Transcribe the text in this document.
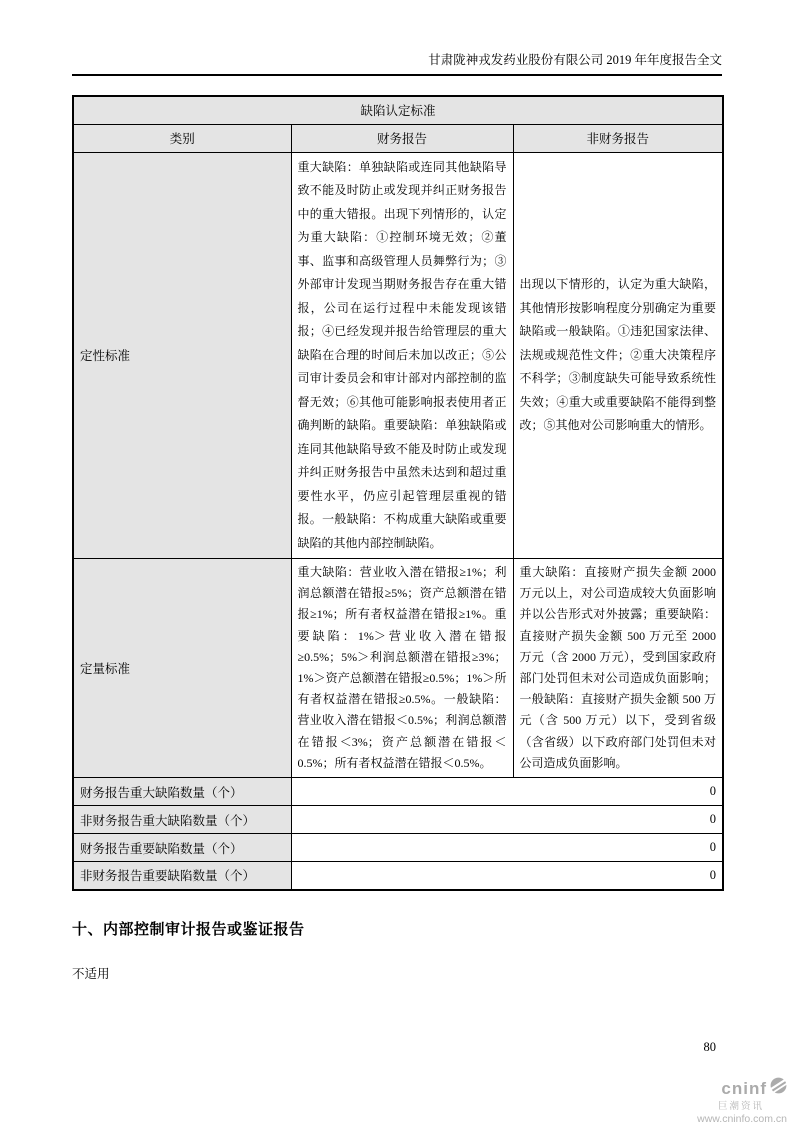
甘肃陇神戎发药业股份有限公司 2019 年年度报告全文
缺陷认定标准		
类别	财务报告	非财务报告
定性标准	重大缺陷：单独缺陷或连同其他缺陷导致不能及时防止或发现并纠正财务报告中的重大错报。出现下列情形的，认定为重大缺陷：①控制环境无效；②董事、监事和高级管理人员舞弊行为；③外部审计发现当期财务报告存在重大错报，公司在运行过程中未能发现该错报；④已经发现并报告给管理层的重大缺陷在合理的时间后未加以改正；⑤公司审计委员会和审计部对内部控制的监督无效；⑥其他可能影响报表使用者正确判断的缺陷。重要缺陷：单独缺陷或连同其他缺陷导致不能及时防止或发现并纠正财务报告中虽然未达到和超过重要性水平，仍应引起管理层重视的错报。一般缺陷：不构成重大缺陷或重要缺陷的其他内部控制缺陷。	出现以下情形的，认定为重大缺陷，其他情形按影响程度分别确定为重要缺陷或一般缺陷。①违犯国家法律、法规或规范性文件；②重大决策程序不科学；③制度缺失可能导致系统性失效；④重大或重要缺陷不能得到整改；⑤其他对公司影响重大的情形。
定量标准	重大缺陷：营业收入潜在错报≥1%；利润总额潜在错报≥5%；资产总额潜在错报≥1%；所有者权益潜在错报≥1%。重要缺陷：1%＞营业收入潜在错报≥0.5%；5%＞利润总额潜在错报≥3%；1%＞资产总额潜在错报≥0.5%；1%＞所有者权益潜在错报≥0.5%。一般缺陷：营业收入潜在错报＜0.5%；利润总额潜在错报＜3%；资产总额潜在错报＜0.5%；所有者权益潜在错报＜0.5%。	重大缺陷：直接财产损失金额 2000 万元以上，对公司造成较大负面影响并以公告形式对外披露；重要缺陷：直接财产损失金额 500 万元至 2000 万元（含 2000 万元），受到国家政府部门处罚但未对公司造成负面影响；一般缺陷：直接财产损失金额 500 万元（含 500 万元）以下，受到省级（含省级）以下政府部门处罚但未对公司造成负面影响。
财务报告重大缺陷数量（个）	0	
非财务报告重大缺陷数量（个）	0	
财务报告重要缺陷数量（个）	0	
非财务报告重要缺陷数量（个）	0	
十、内部控制审计报告或鉴证报告

不适用

80
cninf
巨潮资讯
www.cninfo.com.cn
